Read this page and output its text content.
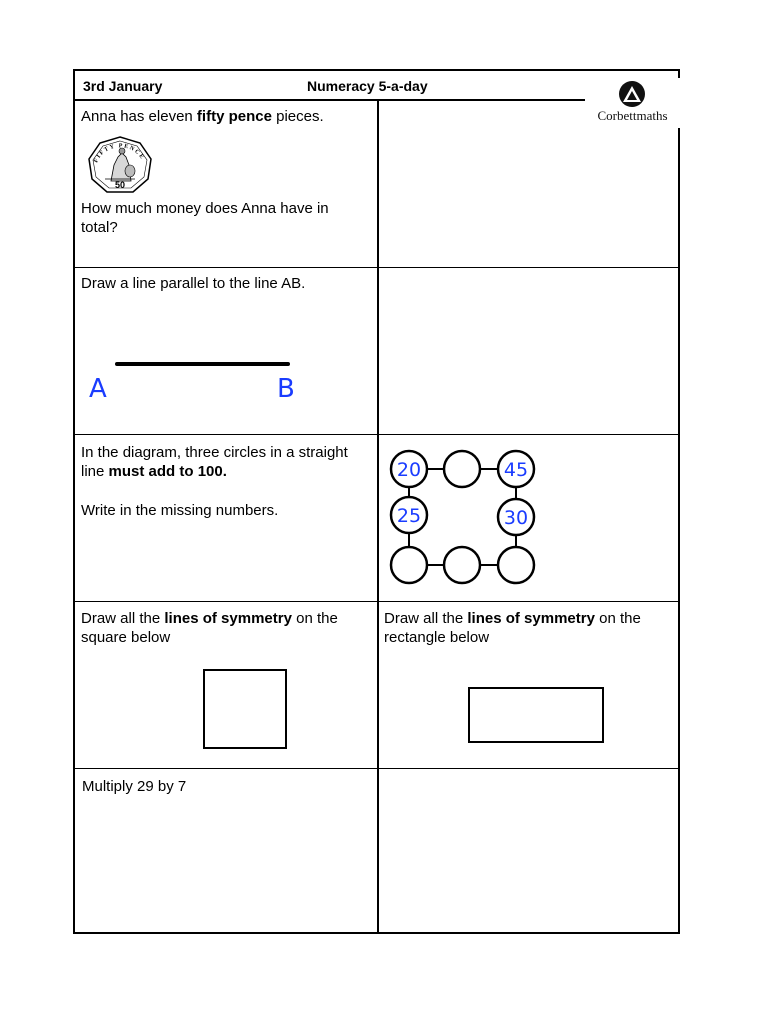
3rd January	Numeracy 5-a-day
Anna has eleven fifty pence pieces.
FIFTY PENCE
50
How much money does Anna have in total?
Draw a line parallel to the line AB.
A	B
In the diagram, three circles in a straight
line must add to 100.
Write in the missing numbers.
20	45
25	30
Draw all the lines of symmetry on the
square below
Draw all the lines of symmetry on the
rectangle below
Multiply 29 by 7
Corbettmaths
